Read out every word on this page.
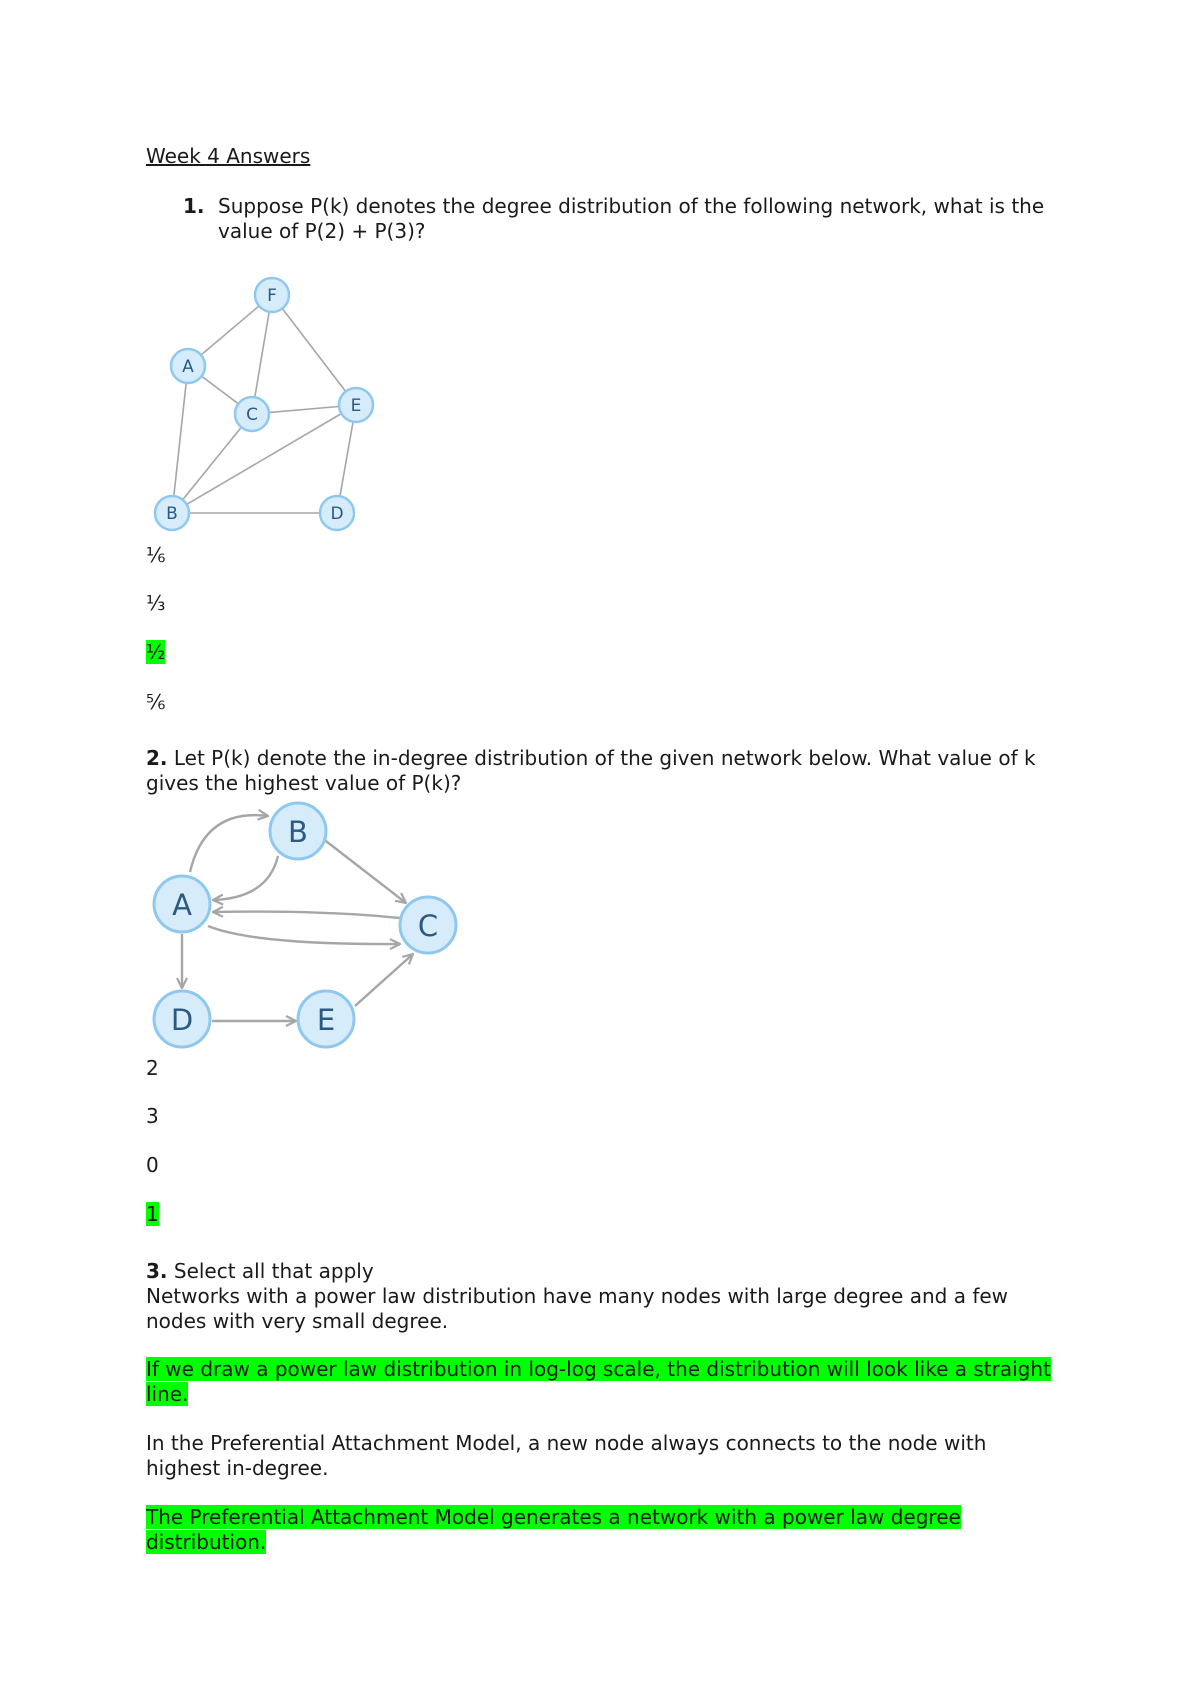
Week 4 Answers
1. Suppose P(k) denotes the degree distribution of the following network, what is the value of P(2) + P(3)?
F
A
C	E
B	D
⅙
⅓
½
⅚
2. Let P(k) denote the in-degree distribution of the given network below. What value of k gives the highest value of P(k)?
B
A
C
D	E
2
3
0
1
3. Select all that apply
Networks with a power law distribution have many nodes with large degree and a few nodes with very small degree.
If we draw a power law distribution in log-log scale, the distribution will look like a straight line.
In the Preferential Attachment Model, a new node always connects to the node with highest in-degree.
The Preferential Attachment Model generates a network with a power law degree distribution.
